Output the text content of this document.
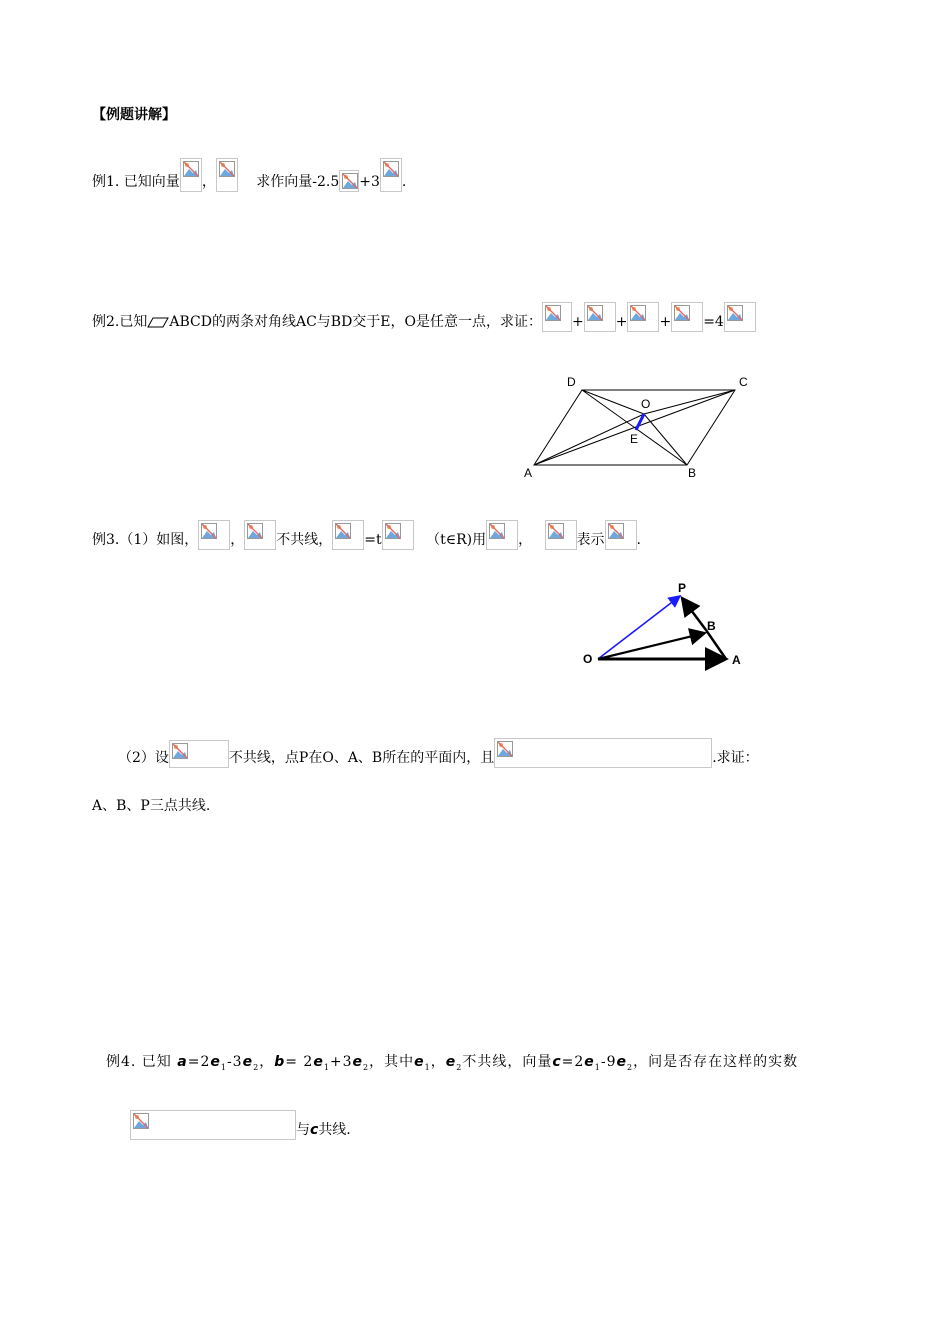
【例题讲解】
例1. 已知向量 ，	求作向量-2.5 +3 .
例2.已知 ABCD的两条对角线AC与BD交于E，O是任意一点，求证： + + + =4
D	C
O
E
A	B
例3.（1）如图， ， 不共线， =t	（t∈R)用 ，	表示 .
P
B
O	A
（2）设	不共线，点P在O、A、B所在的平面内，且	.求证：
A、B、P三点共线.
例4. 已知 $a=2e_1-3e_2$，$b= 2e_1+3e_2$，其中$e_1$，$e_2$不共线，向量$c=2e_1-9e_2$，问是否存在这样的实数
与c共线.
